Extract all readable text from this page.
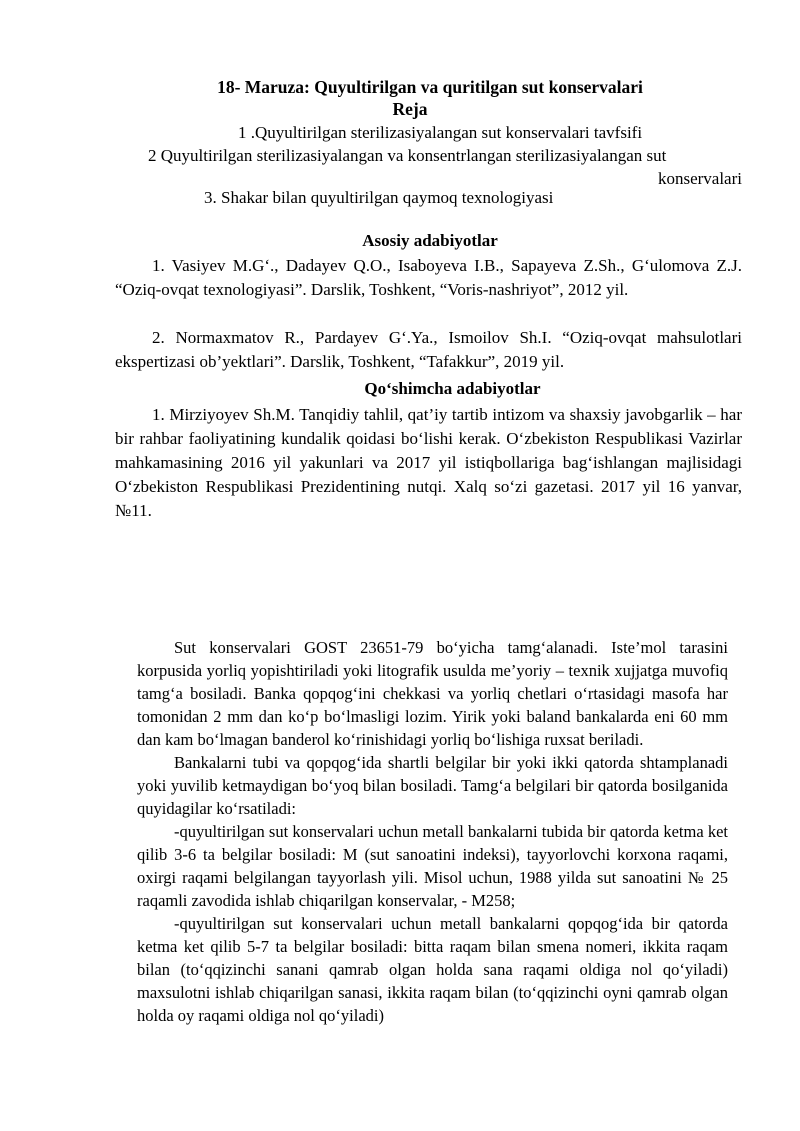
18- Maruza: Quyultirilgan va quritilgan sut konservalari
Reja
1 .Quyultirilgan sterilizasiyalangan sut konservalari tavfsifi
2 Quyultirilgan sterilizasiyalangan va konsentrlangan sterilizasiyalangan sut
konservalari
3. Shakar bilan quyultirilgan qaymoq texnologiyasi
Asosiy adabiyotlar

1. Vasiyev M.G‘., Dadayev Q.O., Isaboyeva I.B., Sapayeva Z.Sh., G‘ulomova Z.J. “Oziq-ovqat texnologiyasi”. Darslik, Toshkent, “Voris-nashriyot”, 2012 yil.

2. Normaxmatov R., Pardayev G‘.Ya., Ismoilov Sh.I. “Oziq-ovqat mahsulotlari ekspertizasi ob’yektlari”. Darslik, Toshkent, “Tafakkur”, 2019 yil.

Qo‘shimcha adabiyotlar

1. Mirziyoyev Sh.M. Tanqidiy tahlil, qat’iy tartib intizom va shaxsiy javobgarlik – har bir rahbar faoliyatining kundalik qoidasi bo‘lishi kerak. O‘zbekiston Respublikasi Vazirlar mahkamasining 2016 yil yakunlari va 2017 yil istiqbollariga bag‘ishlangan majlisidagi O‘zbekiston Respublikasi Prezidentining nutqi. Xalq so‘zi gazetasi. 2017 yil 16 yanvar, №11.

Sut konservalari GOST 23651-79 bo‘yicha tamg‘alanadi. Iste’mol tarasini korpusida yorliq yopishtiriladi yoki litografik usulda me’yoriy – texnik xujjatga muvofiq tamg‘a bosiladi. Banka qopqog‘ini chekkasi va yorliq chetlari o‘rtasidagi masofa har tomonidan 2 mm dan ko‘p bo‘lmasligi lozim. Yirik yoki baland bankalarda eni 60 mm dan kam bo‘lmagan banderol ko‘rinishidagi yorliq bo‘lishiga ruxsat beriladi.

Bankalarni tubi va qopqog‘ida shartli belgilar bir yoki ikki qatorda shtamplanadi yoki yuvilib ketmaydigan bo‘yoq bilan bosiladi. Tamg‘a belgilari bir qatorda bosilganida quyidagilar ko‘rsatiladi:

-quyultirilgan sut konservalari uchun metall bankalarni tubida bir qatorda ketma ket qilib 3-6 ta belgilar bosiladi: M (sut sanoatini indeksi), tayyorlovchi korxona raqami, oxirgi raqami belgilangan tayyorlash yili. Misol uchun, 1988 yilda sut sanoatini № 25 raqamli zavodida ishlab chiqarilgan konservalar, - M258;

-quyultirilgan sut konservalari uchun metall bankalarni qopqog‘ida bir qatorda ketma ket qilib 5-7 ta belgilar bosiladi: bitta raqam bilan smena nomeri, ikkita raqam bilan (to‘qqizinchi sanani qamrab olgan holda sana raqami oldiga nol qo‘yiladi) maxsulotni ishlab chiqarilgan sanasi, ikkita raqam bilan (to‘qqizinchi oyni qamrab olgan holda oy raqami oldiga nol qo‘yiladi)
